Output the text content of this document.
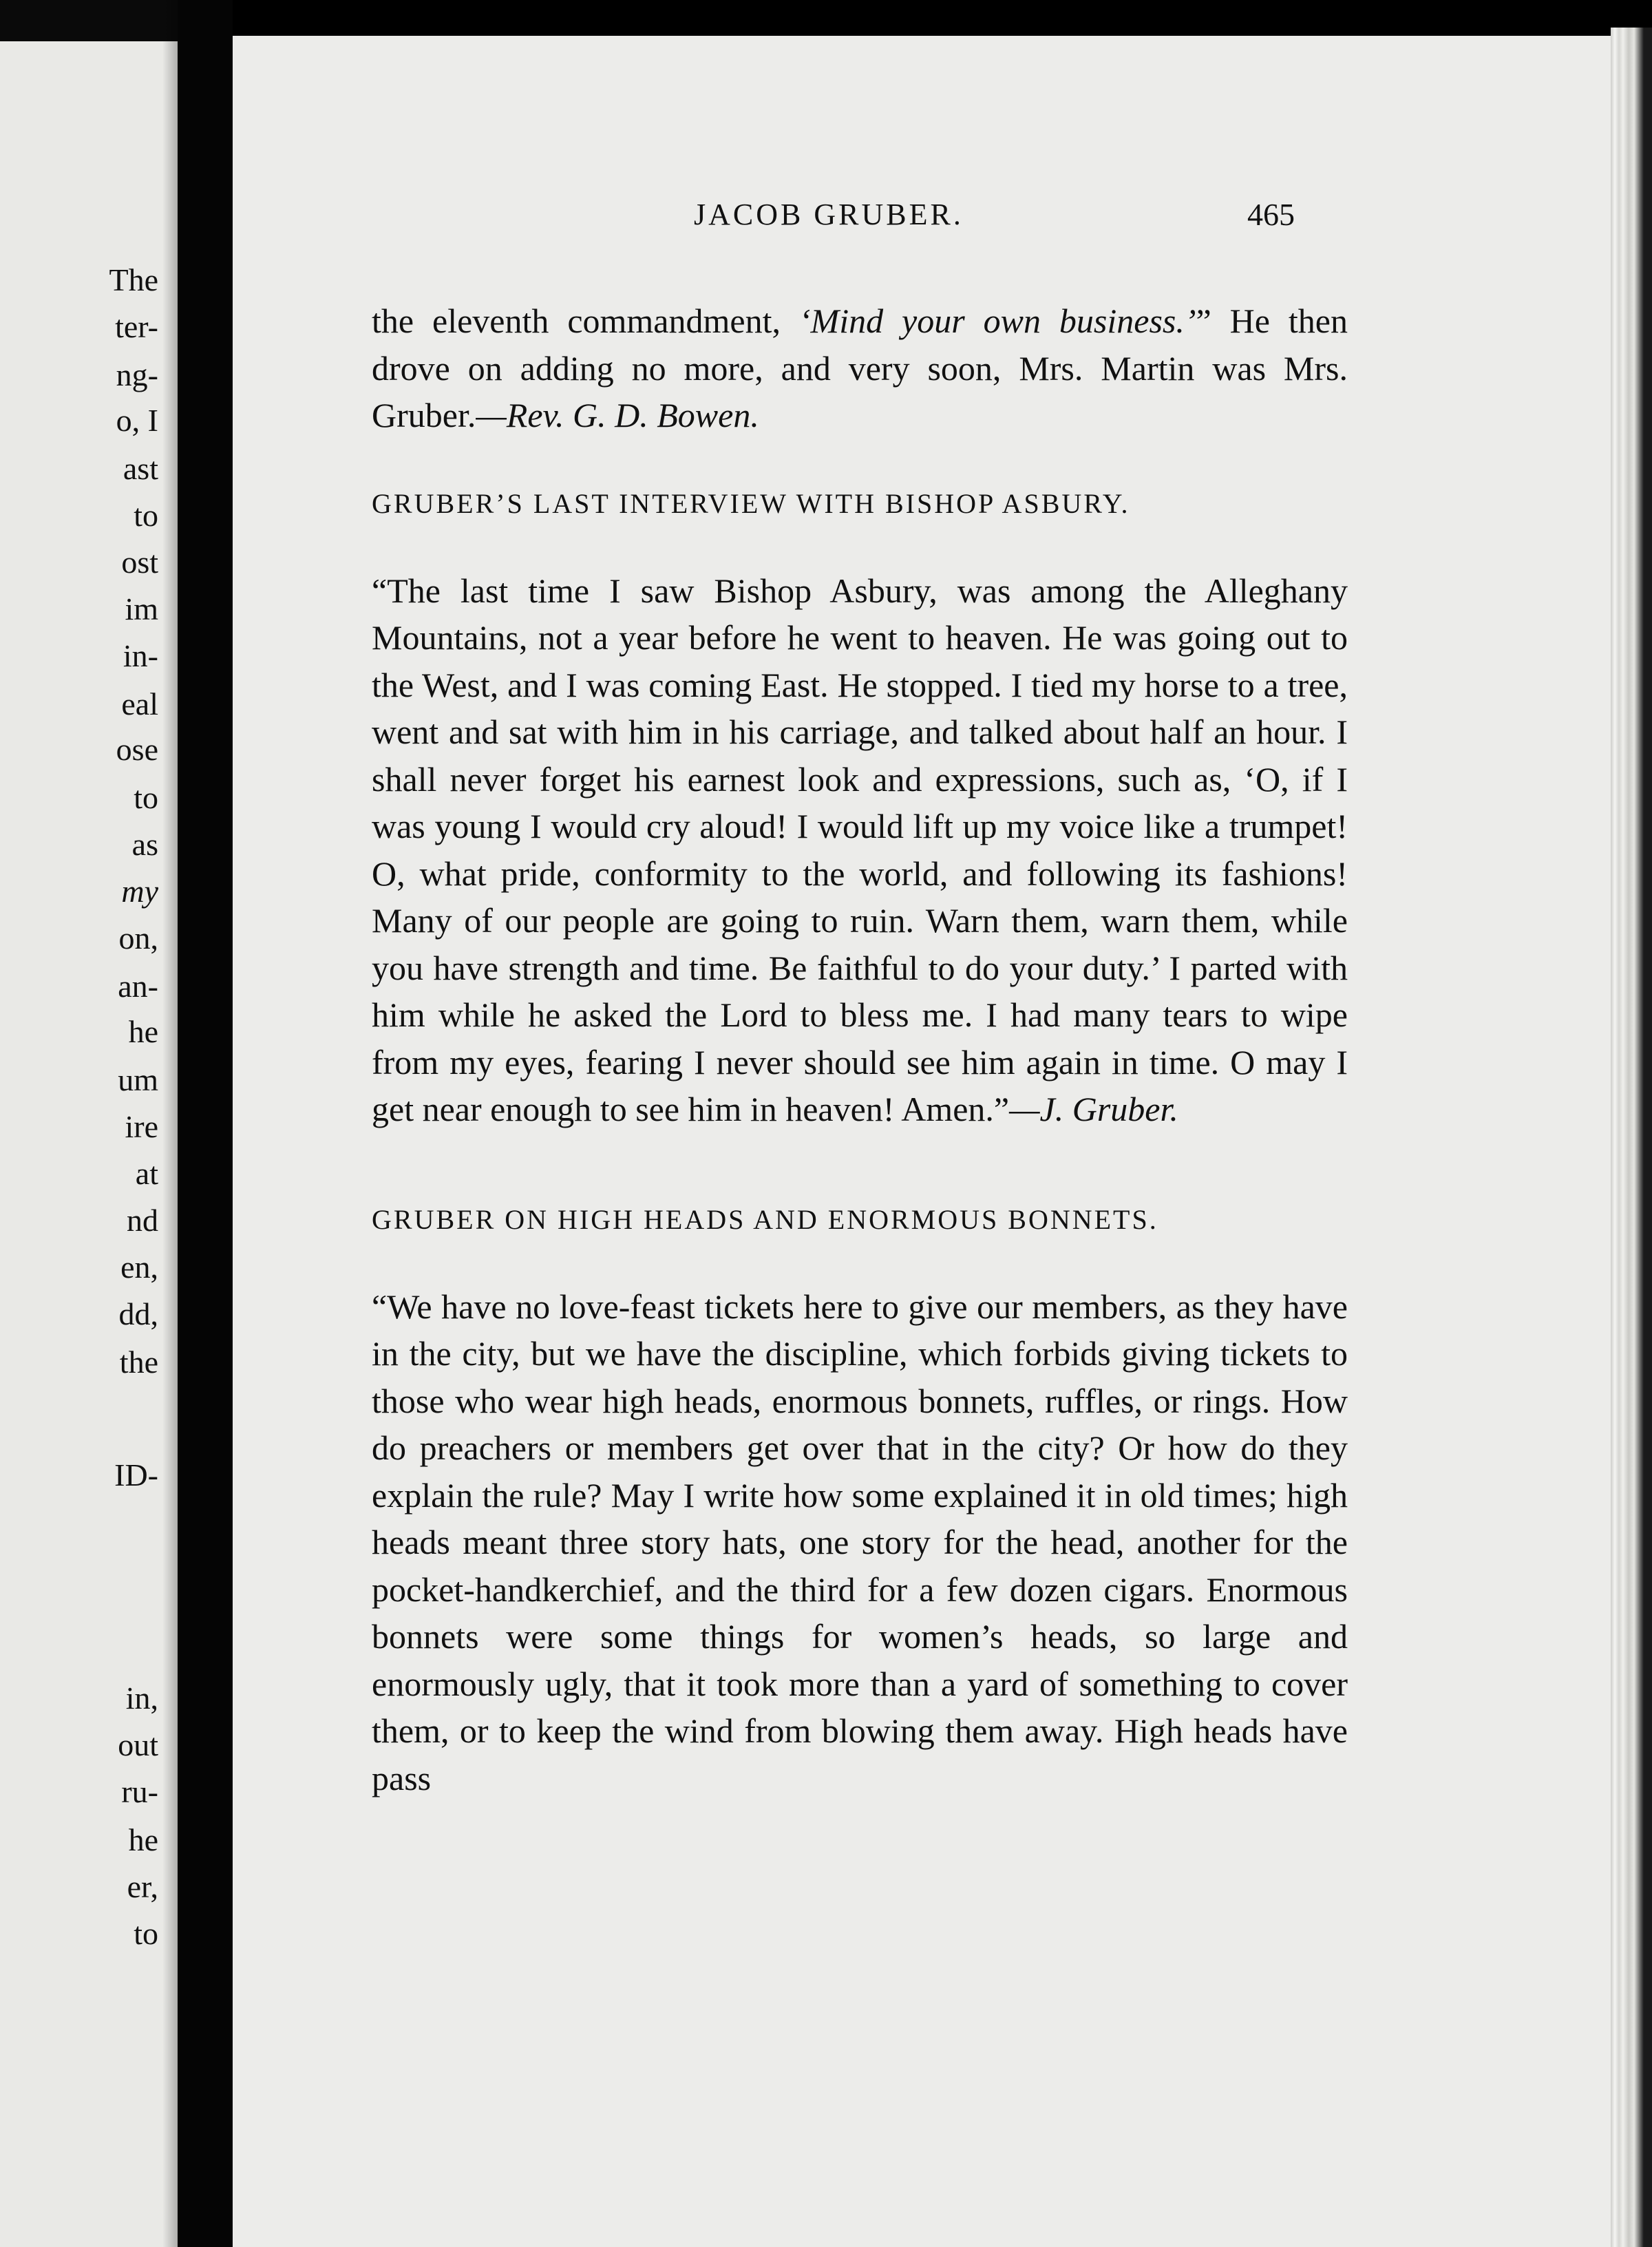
The
ter-
ng-
o, I
ast
to
ost
im
in-
eal
ose
to
as
my
on,
an-
he
um
ire
at
nd
en,
dd,
the
ID-
in,
out
ru-
he
er,
to
JACOB GRUBER.	465

the eleventh commandment, ‘Mind your own business.’” He then drove on adding no more, and very soon, Mrs. Martin was Mrs. Gruber.—Rev. G. D. Bowen.

GRUBER’S LAST INTERVIEW WITH BISHOP ASBURY.

“The last time I saw Bishop Asbury, was among the Alleghany Mountains, not a year before he went to heaven. He was going out to the West, and I was coming East. He stopped. I tied my horse to a tree, went and sat with him in his carriage, and talked about half an hour. I shall never forget his earnest look and expressions, such as, ‘O, if I was young I would cry aloud! I would lift up my voice like a trumpet! O, what pride, conformity to the world, and following its fashions! Many of our people are going to ruin. Warn them, warn them, while you have strength and time. Be faithful to do your duty.’ I parted with him while he asked the Lord to bless me. I had many tears to wipe from my eyes, fearing I never should see him again in time. O may I get near enough to see him in heaven! Amen.”—J. Gruber.

GRUBER ON HIGH HEADS AND ENORMOUS BONNETS.

“We have no love-feast tickets here to give our members, as they have in the city, but we have the discipline, which forbids giving tickets to those who wear high heads, enormous bonnets, ruffles, or rings. How do preachers or members get over that in the city? Or how do they explain the rule? May I write how some explained it in old times; high heads meant three story hats, one story for the head, another for the pocket-handkerchief, and the third for a few dozen cigars. Enormous bonnets were some things for women’s heads, so large and enormously ugly, that it took more than a yard of something to cover them, or to keep the wind from blowing them away. High heads have pass
